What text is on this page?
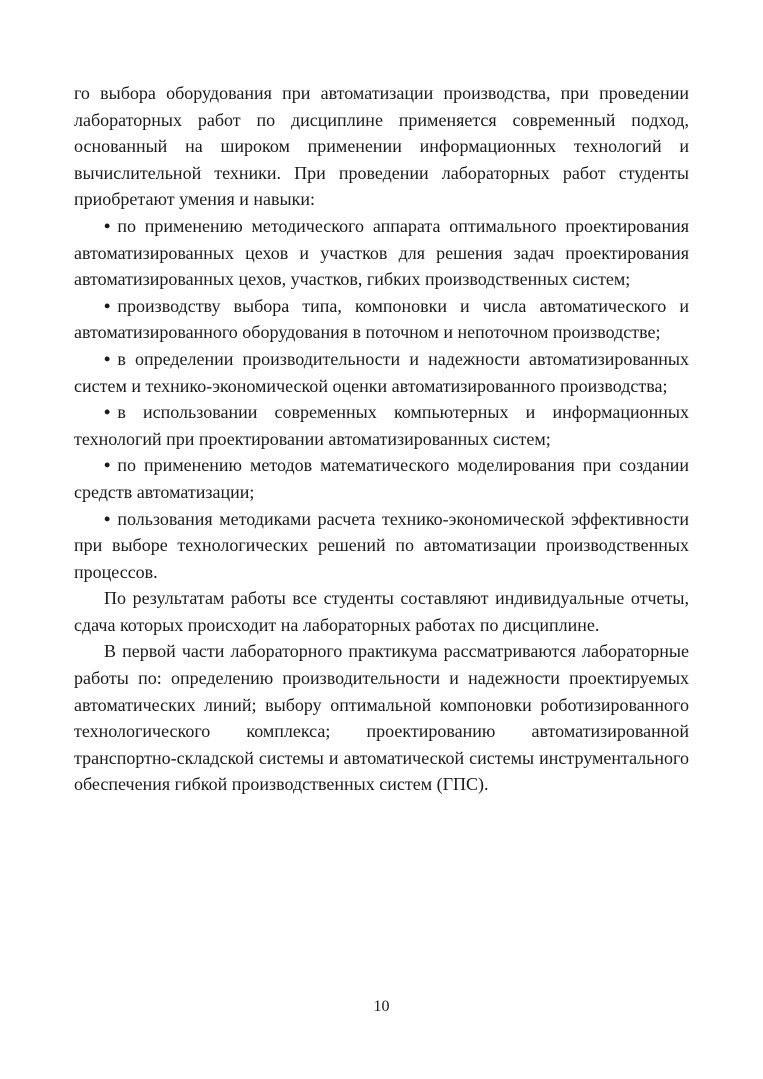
го выбора оборудования при автоматизации производства, при проведении лабораторных работ по дисциплине применяется современный подход, основанный на широком применении информационных технологий и вычислительной техники. При проведении лабораторных работ студенты приобретают умения и навыки:

• по применению методического аппарата оптимального проектирования автоматизированных цехов и участков для решения задач проектирования автоматизированных цехов, участков, гибких производственных систем;
• производству выбора типа, компоновки и числа автоматического и автоматизированного оборудования в поточном и непоточном производстве;
• в определении производительности и надежности автоматизированных систем и технико-экономической оценки автоматизированного производства;
• в использовании современных компьютерных и информационных технологий при проектировании автоматизированных систем;
• по применению методов математического моделирования при создании средств автоматизации;
• пользования методиками расчета технико-экономической эффективности при выборе технологических решений по автоматизации производственных процессов.

По результатам работы все студенты составляют индивидуальные отчеты, сдача которых происходит на лабораторных работах по дисциплине.

В первой части лабораторного практикума рассматриваются лабораторные работы по: определению производительности и надежности проектируемых автоматических линий; выбору оптимальной компоновки роботизированного технологического комплекса; проектированию автоматизированной транспортно-складской системы и автоматической системы инструментального обеспечения гибкой производственных систем (ГПС).

10
